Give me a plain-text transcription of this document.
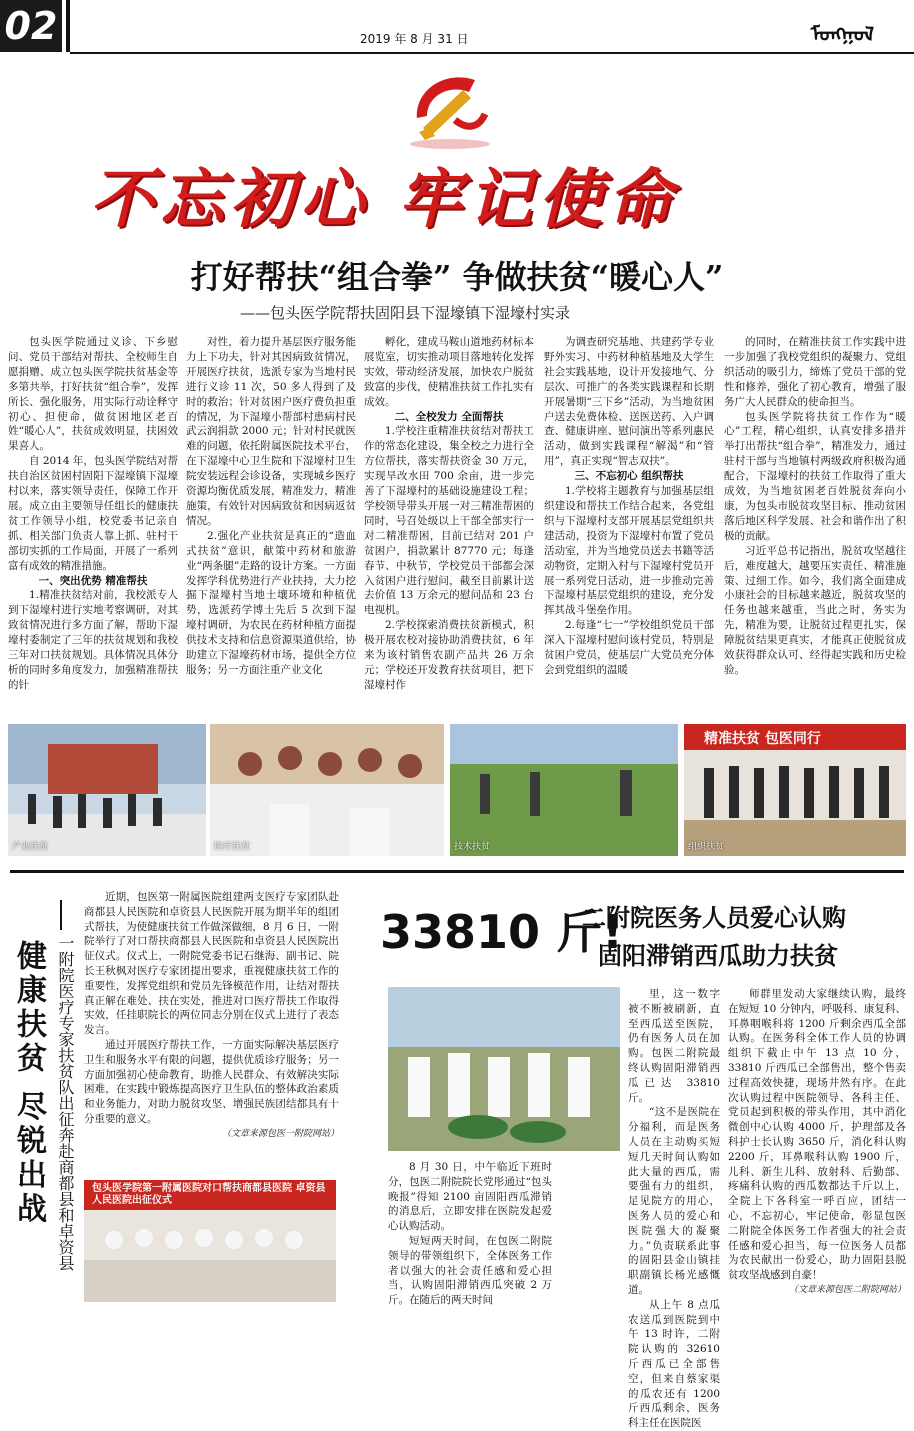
02	2019 年 8 月 31 日	ᠮᠣᠩᠭᠣᠯ
不忘初心 牢记使命
打好帮扶“组合拳” 争做扶贫“暖心人”
——包头医学院帮扶固阳县下湿壕镇下湿壕村实录

包头医学院通过义诊、下乡慰问、党员干部结对帮扶、全校师生自愿捐赠、成立包头医学院扶贫基金等多第共举，打好扶贫“组合拳”，发挥所长、强化服务，用实际行动诠释守初心、担使命，做贫困地区老百姓“暖心人”，扶贫成效明显，扶困效果喜人。

自 2014 年，包头医学院结对帮扶自治区贫困村固阳下湿壕镇下湿壕村以来，落实领导责任，保障工作开展。成立由主要领导任组长的健康扶贫工作领导小组，校党委书记亲自抓、相关部门负责人靠上抓、驻村干部切实抓的工作局面，开展了一系列富有成效的精准措施。

一、突出优势 精准帮扶

1.精准扶贫结对前，我校派专人到下湿壕村进行实地考察调研，对其致贫情况进行多方面了解，帮助下湿壕村委制定了三年的扶贫规划和我校三年对口扶贫规划。具体情况具体分析的同时多角度发力，加强精准帮扶的针

对性，着力提升基层医疗服务能力上下功夫，针对其因病致贫情况，开展医疗扶贫，选派专家为当地村民进行义诊 11 次，50 多人得到了及时的救治；针对贫困户医疗费负担重的情况，为下湿壕小帮部村患病村民武云润捐款 2000 元；针对村民就医难的问题，依托附属医院技术平台，在下湿壕中心卫生院和下湿壕村卫生院安装远程会诊设备，实现城乡医疗资源均衡优质发展，精准发力，精准施策，有效针对因病致贫和因病返贫情况。

2.强化产业扶贫是真正的“造血式扶贫”意识，献策中药材和旅游业“两条腿”走路的设计方案。一方面发挥学科优势进行产业扶持，大力挖掘下湿壕村当地土壤环境和种植优势，选派药学博士先后 5 次到下湿壕村调研，为农民在药材种植方面提供技术支持和信息资源渠道供给，协助建立下湿壕药材市场，提供全方位服务；另一方面注重产业文化

孵化，建成马鞍山道地药材标本展览室，切实推动项目落地转化发挥实效，带动经济发展，加快农户脱贫致富的步伐，使精准扶贫工作扎实有成效。

二、全校发力 全面帮扶

1.学校注重精准扶贫结对帮扶工作的常态化建设，集全校之力进行全方位帮扶，落实帮扶资金 30 万元，实现旱改水田 700 余亩，进一步完善了下湿壕村的基础设施建设工程；学校领导带头开展一对三精准帮困的同时，号召处级以上干部全部实行一对二精准帮困，目前已结对 201 户贫困户，捐款累计 87770 元；每逢春节、中秋节，学校党员干部都会深入贫困户进行慰问，截至目前累计送去价值 13 万余元的慰问品和 23 台电视机。

2.学校探索消费扶贫新模式，积极开展农校对接协助消费扶贫，6 年来为该村销售农副产品共 26 万余元；学校还开发教育扶贫项目，把下湿壕村作

为调查研究基地、共建药学专业野外实习、中药材种植基地及大学生社会实践基地，设计开发接地气、分层次、可推广的各类实践课程和长期开展暑期“三下乡”活动，为当地贫困户送去免费体检、送医送药、入户调查、健康讲座、慰问演出等系列惠民活动，做到实践课程“解渴”和“管用”，真正实现“智志双扶”。

三、不忘初心 组织帮扶

1.学校将主题教育与加强基层组织建设和帮扶工作结合起来，各党组织与下湿壕村支部开展基层党组织共建活动，投资为下湿壕村布置了党员活动室，并为当地党员送去书籍等活动物资，定期入村与下湿壕村党员开展一系列党日活动，进一步推动完善下湿壕村基层党组织的建设，充分发挥其战斗堡垒作用。

2.每逢“七一”学校组织党员干部深入下湿壕村慰问该村党员，特别是贫困户党员，使基层广大党员充分体会到党组织的温暖

的同时，在精准扶贫工作实践中进一步加强了我校党组织的凝聚力、党组织活动的吸引力，缔炼了党员干部的党性和修养，强化了初心教育，增强了服务广大人民群众的使命担当。

包头医学院将扶贫工作作为“暖心”工程，精心组织，认真安排多措并举打出帮扶“组合拳”，精准发力，通过驻村干部与当地镇村两级政府积极沟通配合，下湿壕村的扶贫工作取得了重大成效，为当地贫困老百姓脱贫奔向小康，为包头市脱贫攻坚目标、推动贫困落后地区科学发展、社会和谐作出了积极的贡献。

习近平总书记指出，脱贫攻坚越往后，难度越大，越要压实责任、精准施策、过细工作。如今，我们离全面建成小康社会的目标越来越近，脱贫攻坚的任务也越来越重，当此之时，务实为先，精准为要，让脱贫过程更扎实，保障脱贫结果更真实，才能真正使脱贫成效获得群众认可、经得起实践和历史检验。

产业扶贫	医疗扶贫	技术扶贫
精准扶贫 包医同行
组织扶贫
健康扶贫 尽锐出战 一附院医疗专家扶贫队出征奔赴商都县和卓资县

近期，包医第一附属医院组建两支医疗专家团队赴商都县人民医院和卓资县人民医院开展为期半年的组团式帮扶，为使健康扶贫工作做深做细，8 月 6 日，一附院举行了对口帮扶商都县人民医院和卓资县人民医院出征仪式。仪式上，一附院党委书记石继海、副书记、院长王秋枫对医疗专家团提出要求，重视健康扶贫工作的重要性，发挥党组织和党员先锋模范作用，让结对帮扶真正解在难处、扶在实处，推进对口医疗帮扶工作取得实效，任挂职院长的两位同志分别在仪式上进行了表态发言。

通过开展医疗帮扶工作，一方面实际解决基层医疗卫生和服务水平有限的问题，提供优质诊疗服务；另一方面加强初心使命教育，助推人民群众、有效解决实际困难，在实践中锻炼提高医疗卫生队伍的整体政治素质和业务能力，对助力脱贫攻坚、增强民族团结都具有十分重要的意义。

（文章来源包医一附院网站）
包头医学院第一附属医院对口帮扶商都县医院 卓资县人民医院出征仪式
33810 斤!
二附院医务人员爱心认购
固阳滞销西瓜助力扶贫

里，这一数字被不断被刷新，直至西瓜送至医院，仍有医务人员在加购。包医二附院最终认购固阳滞销西瓜已达 33810 斤。

“这不是医院在分福利，而是医务人员在主动购买短短几天时间认购如此大量的西瓜，需要强有力的组织，足见院方的用心，医务人员的爱心和医院强大的凝聚力。”负责联系此事的固阳县金山镇挂职副镇长杨光感慨道。

从上午 8 点瓜农送瓜到医院到中午 13 时许，二附院认购的 32610 斤西瓜已全部售空，但来自蔡家渠的瓜农还有 1200 斤西瓜剩余，医务科主任在医院医

8 月 30 日，中午临近下班时分，包医二附院院长党彤通过“包头晚报”得知 2100 亩固阳西瓜滞销的消息后，立即安排在医院发起爱心认购活动。

短短两天时间，在包医二附院领导的带领组织下，全体医务工作者以强大的社会责任感和爱心担当，认购固阳滞销西瓜突破 2 万斤。在随后的两天时间

师群里发动大家继续认购，最终在短短 10 分钟内，呼吸科、康复科、耳鼻咽喉科将 1200 斤剩余西瓜全部认购。在医务科全体工作人员的协调组织下截止中午 13 点 10 分，33810 斤西瓜已全部售出，整个售卖过程高效快捷，现场井然有序。在此次认购过程中医院领导、各科主任、党员起到积极的带头作用，其中消化微创中心认购 4000 斤，护理部及各科护士长认购 3650 斤，消化科认购 2200 斤，耳鼻喉科认购 1900 斤，儿科、新生儿科、放射科、后勤部、疼痛科认购的西瓜数都达千斤以上，全院上下各科室一呼百应，团结一心，不忘初心，牢记使命，彰显包医二附院全体医务工作者强大的社会责任感和爱心担当，每一位医务人员都为农民献出一份爱心，助力固阳县脱贫攻坚战感到自豪！

（文章来源包医二附院网站）
